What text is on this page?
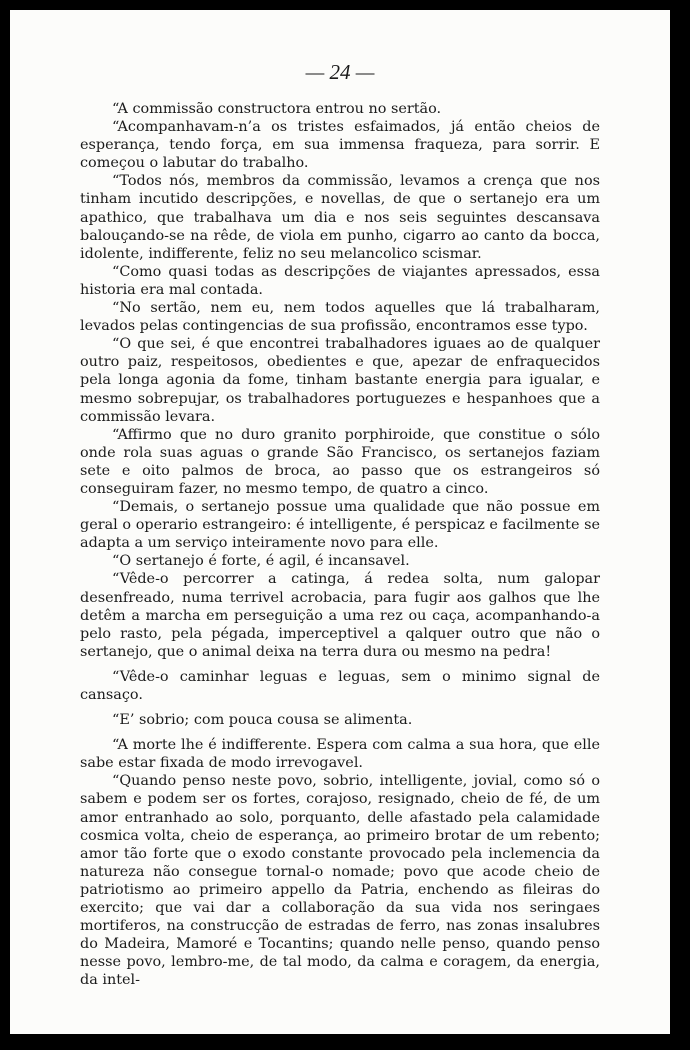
— 24 —

“A commissão constructora entrou no sertão.

“Acompanhavam-n’a os tristes esfaimados, já então cheios de esperança, tendo força, em sua immensa fraqueza, para sorrir. E começou o labutar do trabalho.

“Todos nós, membros da commissão, levamos a crença que nos tinham incutido descripções, e novellas, de que o sertanejo era um apathico, que trabalhava um dia e nos seis seguintes descansava balouçando-se na rêde, de viola em punho, cigarro ao canto da bocca, idolente, indifferente, feliz no seu melancolico scismar.

“Como quasi todas as descripções de viajantes apressados, essa historia era mal contada.

“No sertão, nem eu, nem todos aquelles que lá trabalharam, levados pelas contingencias de sua profissão, encontramos esse typo.

“O que sei, é que encontrei trabalhadores iguaes ao de qualquer outro paiz, respeitosos, obedientes e que, apezar de enfraquecidos pela longa agonia da fome, tinham bastante energia para igualar, e mesmo sobrepujar, os trabalhadores portuguezes e hespanhoes que a commissão levara.

“Affirmo que no duro granito porphiroide, que constitue o sólo onde rola suas aguas o grande São Francisco, os sertanejos faziam sete e oito palmos de broca, ao passo que os estrangeiros só conseguiram fazer, no mesmo tempo, de quatro a cinco.

“Demais, o sertanejo possue uma qualidade que não possue em geral o operario estrangeiro: é intelligente, é perspicaz e facilmente se adapta a um serviço inteiramente novo para elle.

“O sertanejo é forte, é agil, é incansavel.

“Vêde-o percorrer a catinga, á redea solta, num galopar desenfreado, numa terrivel acrobacia, para fugir aos galhos que lhe detêm a marcha em perseguição a uma rez ou caça, acompanhando-a pelo rasto, pela pégada, imperceptivel a qalquer outro que não o sertanejo, que o animal deixa na terra dura ou mesmo na pedra!

“Vêde-o caminhar leguas e leguas, sem o minimo signal de cansaço.

“E’ sobrio; com pouca cousa se alimenta.

“A morte lhe é indifferente. Espera com calma a sua hora, que elle sabe estar fixada de modo irrevogavel.

“Quando penso neste povo, sobrio, intelligente, jovial, como só o sabem e podem ser os fortes, corajoso, resignado, cheio de fé, de um amor entranhado ao solo, porquanto, delle afastado pela calamidade cosmica volta, cheio de esperança, ao primeiro brotar de um rebento; amor tão forte que o exodo constante provocado pela inclemencia da natureza não consegue tornal-o nomade; povo que acode cheio de patriotismo ao primeiro appello da Patria, enchendo as fileiras do exercito; que vai dar a collaboração da sua vida nos seringaes mortiferos, na construcção de estradas de ferro, nas zonas insalubres do Madeira, Mamoré e Tocantins; quando nelle penso, quando penso nesse povo, lembro-me, de tal modo, da calma e coragem, da energia, da intel-
